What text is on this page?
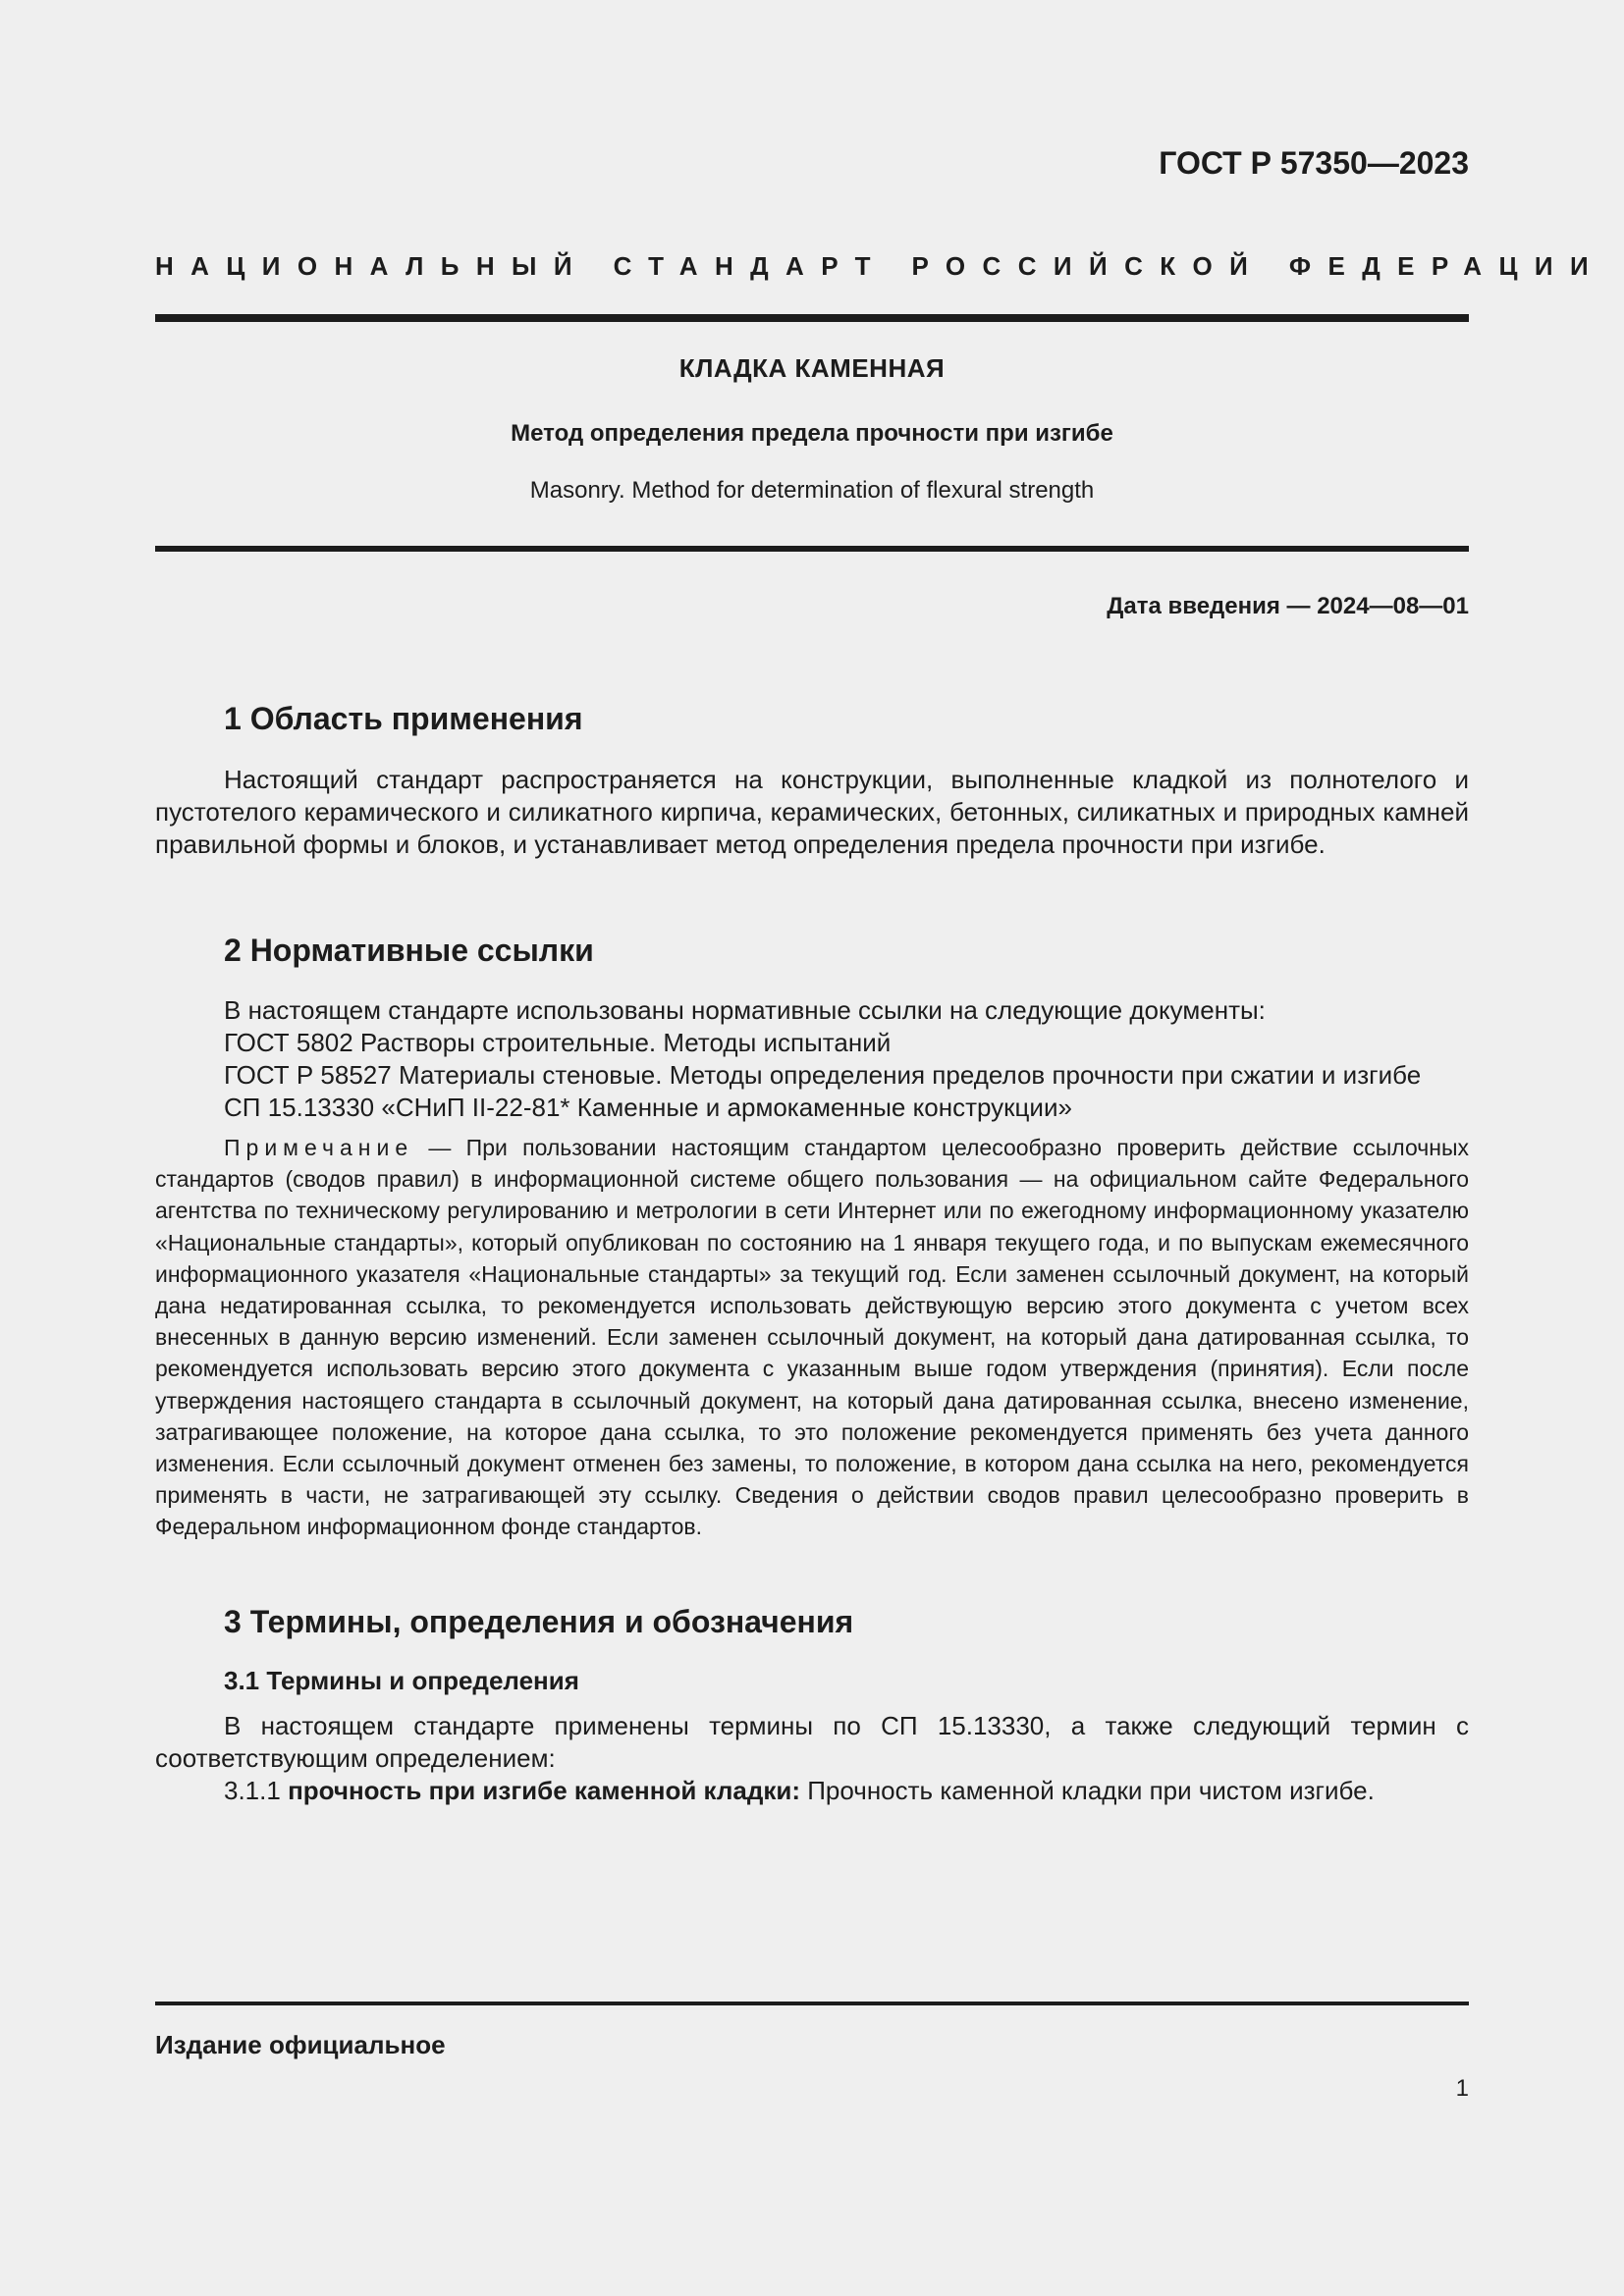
ГОСТ Р 57350—2023
НАЦИОНАЛЬНЫЙ СТАНДАРТ РОССИЙСКОЙ ФЕДЕРАЦИИ
КЛАДКА КАМЕННАЯ
Метод определения предела прочности при изгибе
Masonry. Method for determination of flexural strength
Дата введения — 2024—08—01
1 Область применения

Настоящий стандарт распространяется на конструкции, выполненные кладкой из полнотелого и пустотелого керамического и силикатного кирпича, керамических, бетонных, силикатных и природных камней правильной формы и блоков, и устанавливает метод определения предела прочности при изгибе.

2 Нормативные ссылки

В настоящем стандарте использованы нормативные ссылки на следующие документы:

ГОСТ 5802 Растворы строительные. Методы испытаний

ГОСТ Р 58527 Материалы стеновые. Методы определения пределов прочности при сжатии и изгибе

СП 15.13330 «СНиП II-22-81* Каменные и армокаменные конструкции»

Примечание — При пользовании настоящим стандартом целесообразно проверить действие ссылочных стандартов (сводов правил) в информационной системе общего пользования — на официальном сайте Федерального агентства по техническому регулированию и метрологии в сети Интернет или по ежегодному информационному указателю «Национальные стандарты», который опубликован по состоянию на 1 января текущего года, и по выпускам ежемесячного информационного указателя «Национальные стандарты» за текущий год. Если заменен ссылочный документ, на который дана недатированная ссылка, то рекомендуется использовать действующую версию этого документа с учетом всех внесенных в данную версию изменений. Если заменен ссылочный документ, на который дана датированная ссылка, то рекомендуется использовать версию этого документа с указанным выше годом утверждения (принятия). Если после утверждения настоящего стандарта в ссылочный документ, на который дана датированная ссылка, внесено изменение, затрагивающее положение, на которое дана ссылка, то это положение рекомендуется применять без учета данного изменения. Если ссылочный документ отменен без замены, то положение, в котором дана ссылка на него, рекомендуется применять в части, не затрагивающей эту ссылку. Сведения о действии сводов правил целесообразно проверить в Федеральном информационном фонде стандартов.

3 Термины, определения и обозначения
3.1 Термины и определения

В настоящем стандарте применены термины по СП 15.13330, а также следующий термин с соответствующим определением:

3.1.1 прочность при изгибе каменной кладки: Прочность каменной кладки при чистом изгибе.

Издание официальное
1
